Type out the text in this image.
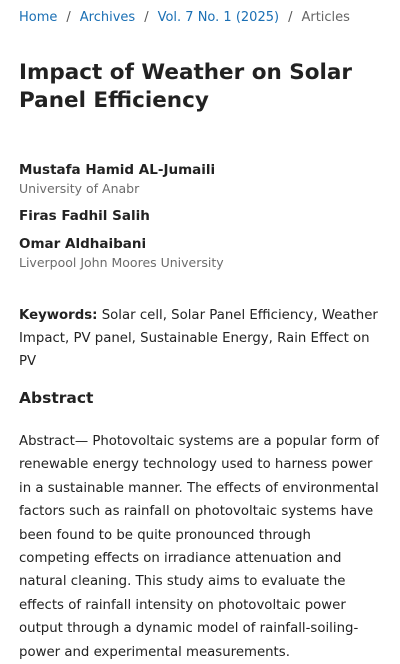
Home / Archives / Vol. 7 No. 1 (2025) / Articles
Impact of Weather on Solar Panel Efficiency
Mustafa Hamid AL-Jumaili
University of Anabr
Firas Fadhil Salih
Omar Aldhaibani
Liverpool John Moores University
Keywords: Solar cell, Solar Panel Efficiency, Weather Impact, PV panel, Sustainable Energy, Rain Effect on PV
Abstract

Abstract— Photovoltaic systems are a popular form of renewable energy technology used to harness power in a sustainable manner. The effects of environmental factors such as rainfall on photovoltaic systems have been found to be quite pronounced through competing effects on irradiance attenuation and natural cleaning. This study aims to evaluate the effects of rainfall intensity on photovoltaic power output through a dynamic model of rainfall-soiling-power and experimental measurements.
